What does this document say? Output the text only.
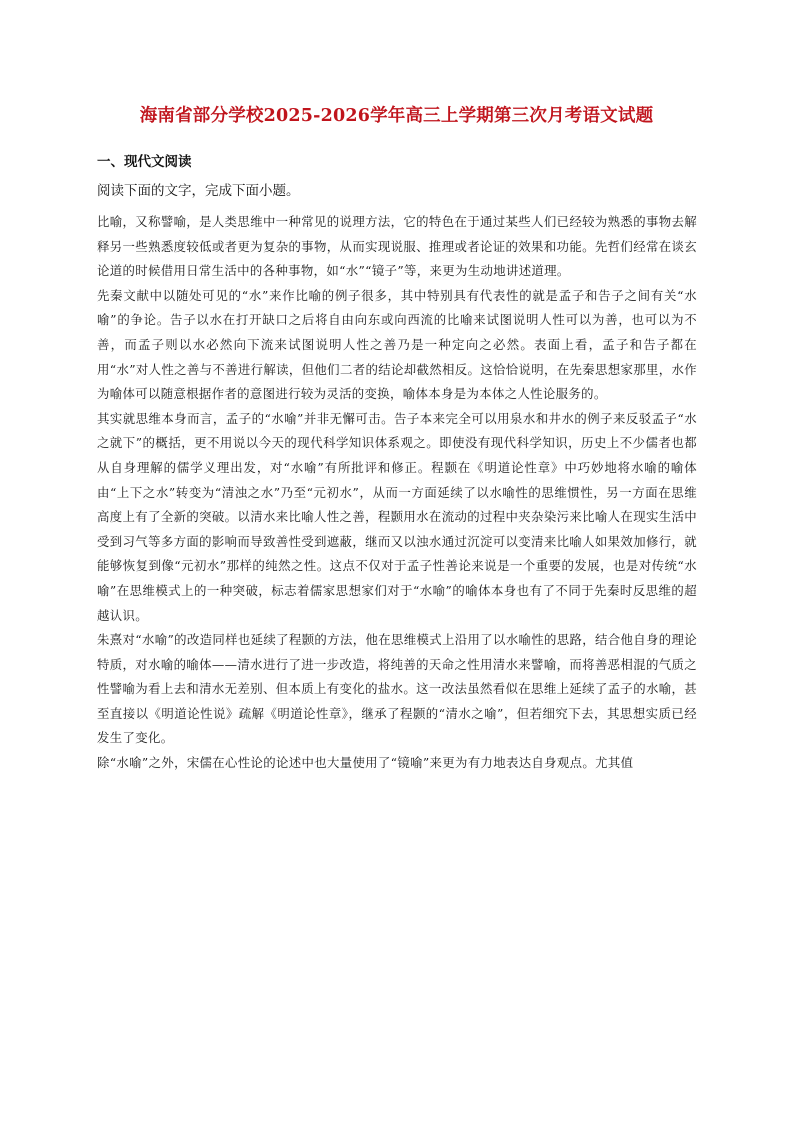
海南省部分学校2025-2026学年高三上学期第三次月考语文试题
一、现代文阅读
阅读下面的文字，完成下面小题。

比喻，又称譬喻，是人类思维中一种常见的说理方法，它的特色在于通过某些人们已经较为熟悉的事物去解释另一些熟悉度较低或者更为复杂的事物，从而实现说服、推理或者论证的效果和功能。先哲们经常在谈玄论道的时候借用日常生活中的各种事物，如“水”“镜子”等，来更为生动地讲述道理。

先秦文献中以随处可见的“水”来作比喻的例子很多，其中特别具有代表性的就是孟子和告子之间有关“水喻”的争论。告子以水在打开缺口之后将自由向东或向西流的比喻来试图说明人性可以为善，也可以为不善，而孟子则以水必然向下流来试图说明人性之善乃是一种定向之必然。表面上看，孟子和告子都在用“水”对人性之善与不善进行解读，但他们二者的结论却截然相反。这恰恰说明，在先秦思想家那里，水作为喻体可以随意根据作者的意图进行较为灵活的变换，喻体本身是为本体之人性论服务的。

其实就思维本身而言，孟子的“水喻”并非无懈可击。告子本来完全可以用泉水和井水的例子来反驳孟子“水之就下”的概括，更不用说以今天的现代科学知识体系观之。即使没有现代科学知识，历史上不少儒者也都从自身理解的儒学义理出发，对“水喻”有所批评和修正。程颢在《明道论性章》中巧妙地将水喻的喻体由“上下之水”转变为“清浊之水”乃至“元初水”，从而一方面延续了以水喻性的思维惯性，另一方面在思维高度上有了全新的突破。以清水来比喻人性之善，程颢用水在流动的过程中夹杂染污来比喻人在现实生活中受到习气等多方面的影响而导致善性受到遮蔽，继而又以浊水通过沉淀可以变清来比喻人如果效加修行，就能够恢复到像“元初水”那样的纯然之性。这点不仅对于孟子性善论来说是一个重要的发展，也是对传统“水喻”在思维模式上的一种突破，标志着儒家思想家们对于“水喻”的喻体本身也有了不同于先秦时反思维的超越认识。

朱熹对“水喻”的改造同样也延续了程颢的方法，他在思维模式上沿用了以水喻性的思路，结合他自身的理论特质，对水喻的喻体——清水进行了进一步改造，将纯善的天命之性用清水来譬喻，而将善恶相混的气质之性譬喻为看上去和清水无差别、但本质上有变化的盐水。这一改法虽然看似在思维上延续了孟子的水喻，甚至直接以《明道论性说》疏解《明道论性章》，继承了程颢的“清水之喻”，但若细究下去，其思想实质已经发生了变化。

除“水喻”之外，宋儒在心性论的论述中也大量使用了“镜喻”来更为有力地表达自身观点。尤其值
